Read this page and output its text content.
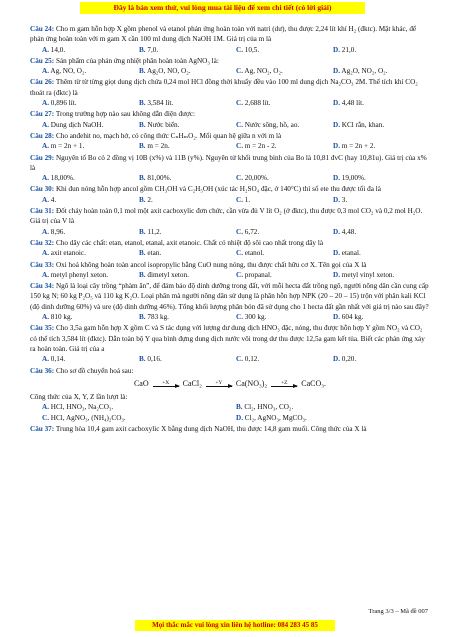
Đây là bản xem thử, vui lòng mua tài liệu để xem chi tiết (có lời giải)
Câu 24: Cho m gam hỗn hợp X gồm phenol và etanol phản ứng hoàn toàn với natri (dư), thu được 2,24 lít khí H₂ (đktc). Mặt khác, để phản ứng hoàn toàn với m gam X cần 100 ml dung dịch NaOH 1M. Giá trị của m là
A. 14,0.	B. 7,0.	C. 10,5.	D. 21,0.
Câu 25: Sản phẩm của phản ứng nhiệt phân hoàn toàn AgNO₃ là:
A. Ag, NO, O₂.	B. Ag₂O, NO, O₂.	C. Ag, NO₂, O₂.	D. Ag₂O, NO₂, O₂.
Câu 26: Thêm từ từ từng giọt dung dịch chứa 0,24 mol HCl đồng thời khuấy đều vào 100 ml dung dịch Na₂CO₃ 2M. Thể tích khí CO₂ thoát ra (đktc) là
A. 0,896 lít.	B. 3,584 lít.	C. 2,688 lít.	D. 4,48 lít.
Câu 27: Trong trường hợp nào sau không dẫn điện được:
A. Dung dịch NaOH.	B. Nước biển.	C. Nước sông, hồ, ao.	D. KCl rắn, khan.
Câu 28: Cho anđehit no, mạch hở, có công thức CₙHₘO₂. Mối quan hệ giữa n với m là
A. m = 2n + 1.	B. m = 2n.	C. m = 2n - 2.	D. m = 2n + 2.
Câu 29: Nguyên tố Bo có 2 đồng vị 10B (x%) và 11B (y%). Nguyên tử khối trung bình của Bo là 10,81 đvC (hay 10,81u). Giá trị của x% là
A. 18,00%.	B. 81,00%.	C. 20,00%.	D. 19,00%.
Câu 30: Khi đun nóng hỗn hợp ancol gồm CH₃OH và C₂H₅OH (xúc tác H₂SO₄ đặc, ở 140°C) thì số ete thu được tối đa là
A. 4.	B. 2.	C. 1.	D. 3.
Câu 31: Đốt cháy hoàn toàn 0,1 mol một axit cacboxylic đơn chức, cần vừa đủ V lít O₂ (ở đktc), thu được 0,3 mol CO₂ và 0,2 mol H₂O. Giá trị của V là
A. 8,96.	B. 11,2.	C. 6,72.	D. 4,48.
Câu 32: Cho dãy các chất: etan, etanol, etanal, axit etanoic. Chất có nhiệt độ sôi cao nhất trong dãy là
A. axit etanoic.	B. etan.	C. etanol.	D. etanal.
Câu 33: Oxi hoá không hoàn toàn ancol isopropylic bằng CuO nung nóng, thu được chất hữu cơ X. Tên gọi của X là
A. metyl phenyl xeton.	B. đimetyl xeton.	C. propanal.	D. metyl vinyl xeton.
Câu 34: Ngô là loại cây trồng “phàm ăn”, để đảm bảo độ dinh dưỡng trong đất, với mỗi hecta đất trồng ngô, người nông dân cần cung cấp 150 kg N; 60 kg P₂O₅ và 110 kg K₂O. Loại phân mà người nông dân sử dụng là phân hỗn hợp NPK (20 – 20 – 15) trộn với phân kali KCl (độ dinh dưỡng 60%) và ure (độ dinh dưỡng 46%). Tổng khối lượng phân bón đã sử dụng cho 1 hecta đất gần nhất với giá trị nào sau đây?
A. 810 kg.	B. 783 kg.	C. 300 kg.	D. 604 kg.
Câu 35: Cho 3,5a gam hỗn hợp X gồm C và S tác dụng với lượng dư dung dịch HNO₃ đặc, nóng, thu được hỗn hợp Y gồm NO₂ và CO₂ có thể tích 3,584 lít (đktc). Dẫn toàn bộ Y qua bình đựng dung dịch nước vôi trong dư thu được 12,5a gam kết tủa. Biết các phản ứng xảy ra hoàn toàn. Giá trị của a
A. 0,14.	B. 0,16.	C. 0,12.	D. 0,20.
Câu 36: Cho sơ đồ chuyển hoá sau:
CaO +X CaCl₂ +Y Ca(NO₃)₂	+Z CaCO₃.
Công thức của X, Y, Z lần lượt là:
A. HCl, HNO₃, Na₂CO₃.	B. Cl₂, HNO₃, CO₂.
C. HCl, AgNO₃, (NH₄)₂CO₃.	D. Cl₂, AgNO₃, MgCO₃.
Câu 37: Trung hòa 10,4 gam axit cacboxylic X bằng dung dịch NaOH, thu được 14,8 gam muối. Công thức của X là
Trang 3/3 – Mã đề 007
Mọi thắc mắc vui lòng xin liên hệ hotline: 084 283 45 85
